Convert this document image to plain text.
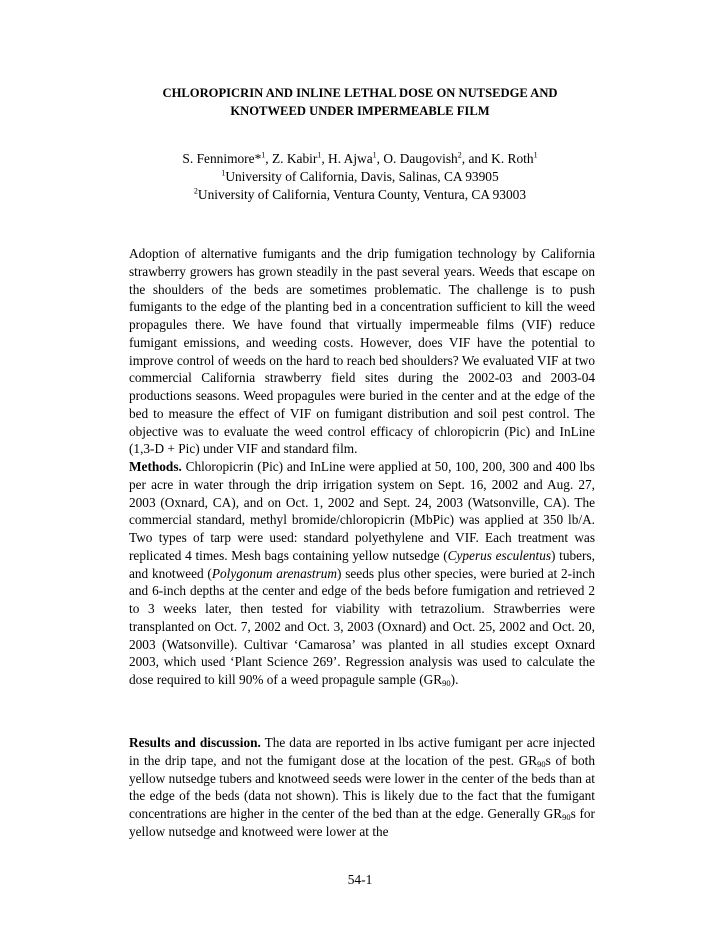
CHLOROPICRIN AND INLINE LETHAL DOSE ON NUTSEDGE AND
KNOTWEED UNDER IMPERMEABLE FILM
S. Fennimore*$^1$, Z. Kabir$^1$, H. Ajwa$^1$, O. Daugovish$^2$, and K. Roth$^1$
$^1$University of California, Davis, Salinas, CA 93905
$^2$University of California, Ventura County, Ventura, CA 93003

Adoption of alternative fumigants and the drip fumigation technology by California strawberry growers has grown steadily in the past several years. Weeds that escape on the shoulders of the beds are sometimes problematic. The challenge is to push fumigants to the edge of the planting bed in a concentration sufficient to kill the weed propagules there. We have found that virtually impermeable films (VIF) reduce fumigant emissions, and weeding costs. However, does VIF have the potential to improve control of weeds on the hard to reach bed shoulders? We evaluated VIF at two commercial California strawberry field sites during the 2002-03 and 2003-04 productions seasons. Weed propagules were buried in the center and at the edge of the bed to measure the effect of VIF on fumigant distribution and soil pest control. The objective was to evaluate the weed control efficacy of chloropicrin (Pic) and InLine (1,3-D + Pic) under VIF and standard film.

Methods. Chloropicrin (Pic) and InLine were applied at 50, 100, 200, 300 and 400 lbs per acre in water through the drip irrigation system on Sept. 16, 2002 and Aug. 27, 2003 (Oxnard, CA), and on Oct. 1, 2002 and Sept. 24, 2003 (Watsonville, CA). The commercial standard, methyl bromide/chloropicrin (MbPic) was applied at 350 lb/A. Two types of tarp were used: standard polyethylene and VIF. Each treatment was replicated 4 times. Mesh bags containing yellow nutsedge (Cyperus esculentus) tubers, and knotweed (Polygonum arenastrum) seeds plus other species, were buried at 2-inch and 6-inch depths at the center and edge of the beds before fumigation and retrieved 2 to 3 weeks later, then tested for viability with tetrazolium. Strawberries were transplanted on Oct. 7, 2002 and Oct. 3, 2003 (Oxnard) and Oct. 25, 2002 and Oct. 20, 2003 (Watsonville). Cultivar ‘Camarosa’ was planted in all studies except Oxnard 2003, which used ‘Plant Science 269’. Regression analysis was used to calculate the dose required to kill 90% of a weed propagule sample $(GR_{90})$.

Results and discussion. The data are reported in lbs active fumigant per acre injected in the drip tape, and not the fumigant dose at the location of the pest. $GR_{90}s$ of both yellow nutsedge tubers and knotweed seeds were lower in the center of the beds than at the edge of the beds (data not shown). This is likely due to the fact that the fumigant concentrations are higher in the center of the bed than at the edge. Generally $GR_{90}s$ for yellow nutsedge and knotweed were lower at the

54-1
